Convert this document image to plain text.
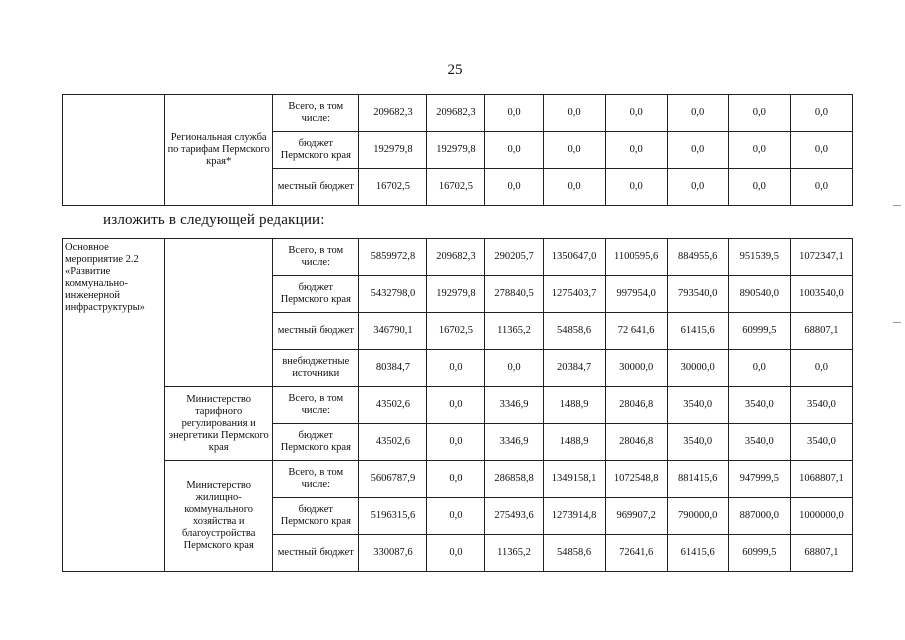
25
	Региональная служба по тарифам Пермского края*	Всего, в том числе:	209682,3	209682,3	0,0	0,0	0,0	0,0	0,0	0,0
		бюджет Пермского края	192979,8	192979,8	0,0	0,0	0,0	0,0	0,0	0,0
		местный бюджет	16702,5	16702,5	0,0	0,0	0,0	0,0	0,0	0,0
изложить в следующей редакции:
Основное мероприятие 2.2 «Развитие коммунально-инженерной инфраструктуры»		Всего, в том числе:	5859972,8	209682,3	290205,7	1350647,0	1100595,6	884955,6	951539,5	1072347,1
		бюджет Пермского края	5432798,0	192979,8	278840,5	1275403,7	997954,0	793540,0	890540,0	1003540,0
		местный бюджет	346790,1	16702,5	11365,2	54858,6	72 641,6	61415,6	60999,5	68807,1
		внебюджетные источники	80384,7	0,0	0,0	20384,7	30000,0	30000,0	0,0	0,0
	Министерство тарифного регулирования и энергетики Пермского края	Всего, в том числе:	43502,6	0,0	3346,9	1488,9	28046,8	3540,0	3540,0	3540,0
		бюджет Пермского края	43502,6	0,0	3346,9	1488,9	28046,8	3540,0	3540,0	3540,0
	Министерство жилищно-коммунального хозяйства и благоустройства Пермского края	Всего, в том числе:	5606787,9	0,0	286858,8	1349158,1	1072548,8	881415,6	947999,5	1068807,1
		бюджет Пермского края	5196315,6	0,0	275493,6	1273914,8	969907,2	790000,0	887000,0	1000000,0
		местный бюджет	330087,6	0,0	11365,2	54858,6	72641,6	61415,6	60999,5	68807,1
